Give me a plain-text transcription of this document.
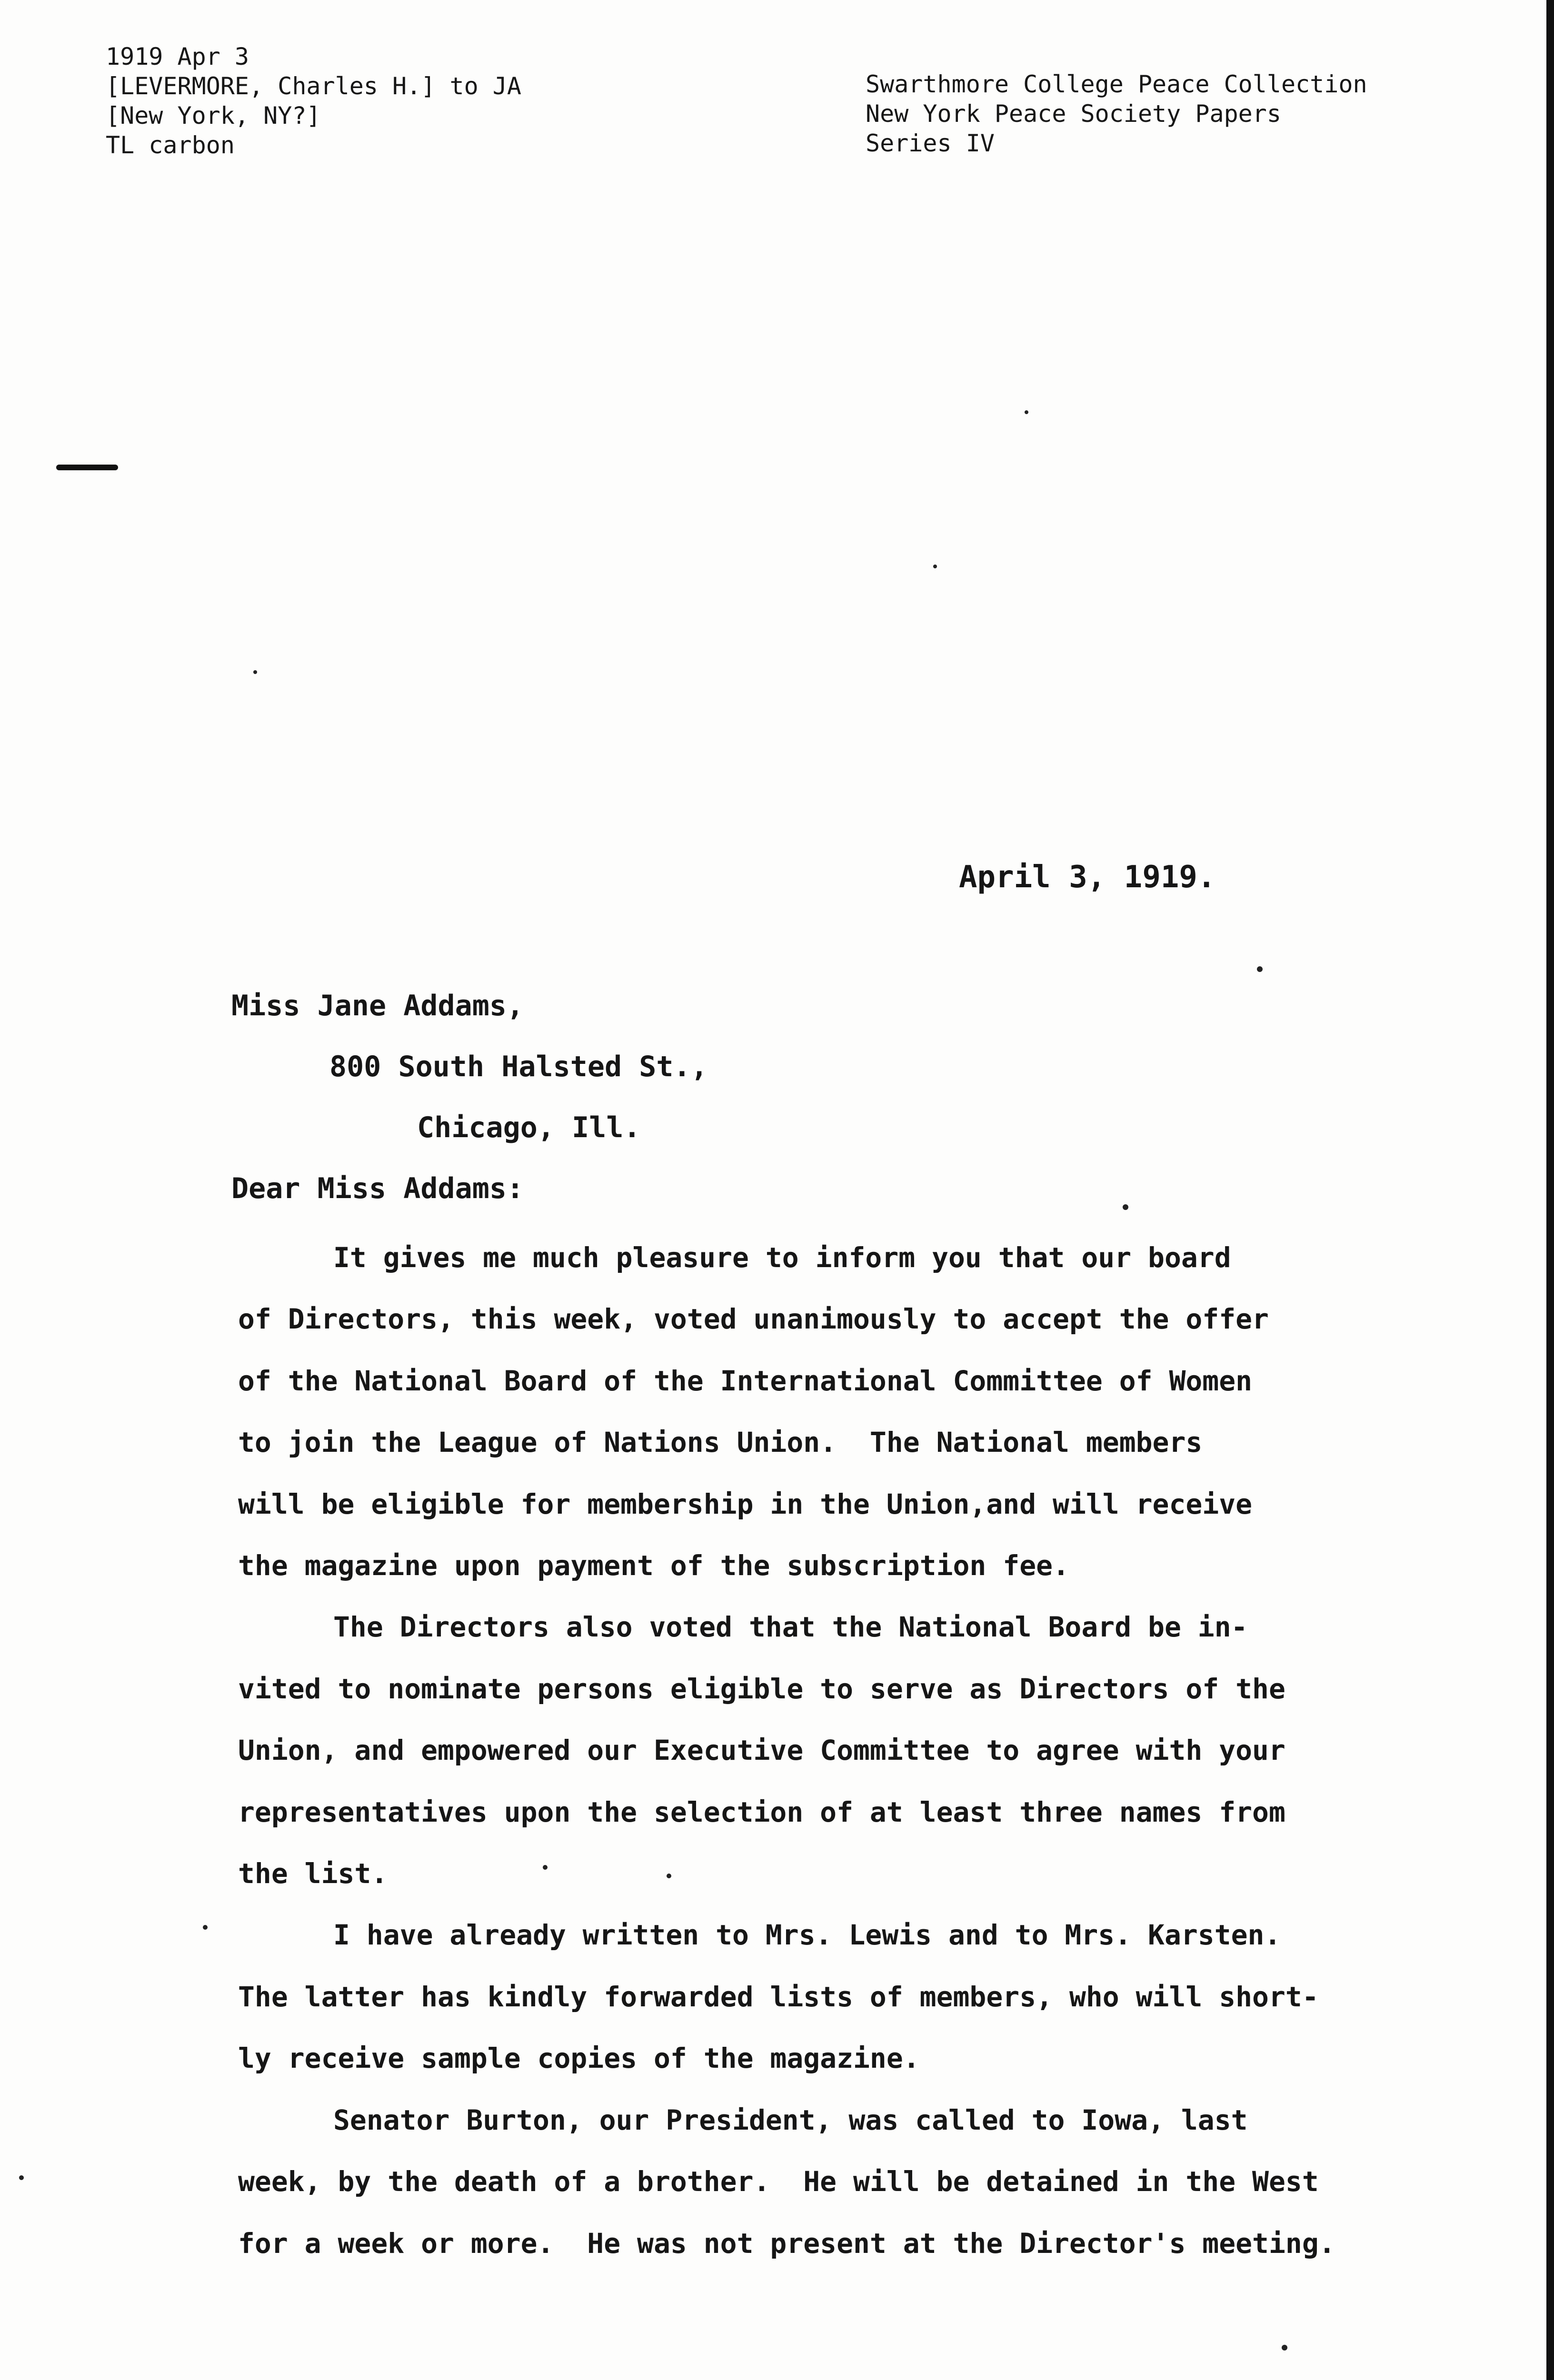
1919 Apr 3
[LEVERMORE, Charles H.] to JA
[New York, NY?]
TL carbon
Swarthmore College Peace Collection
New York Peace Society Papers
Series IV
April 3, 1919.
Miss Jane Addams,
800 South Halsted St.,
Chicago, Ill.
Dear Miss Addams:
It gives me much pleasure to inform you that our board
of Directors, this week, voted unanimously to accept the offer
of the National Board of the International Committee of Women
to join the League of Nations Union.  The National members
will be eligible for membership in the Union,and will receive
the magazine upon payment of the subscription fee.
The Directors also voted that the National Board be in-
vited to nominate persons eligible to serve as Directors of the
Union, and empowered our Executive Committee to agree with your
representatives upon the selection of at least three names from
the list.
I have already written to Mrs. Lewis and to Mrs. Karsten.
The latter has kindly forwarded lists of members, who will short-
ly receive sample copies of the magazine.
Senator Burton, our President, was called to Iowa, last
week, by the death of a brother.  He will be detained in the West
for a week or more.  He was not present at the Director's meeting.
